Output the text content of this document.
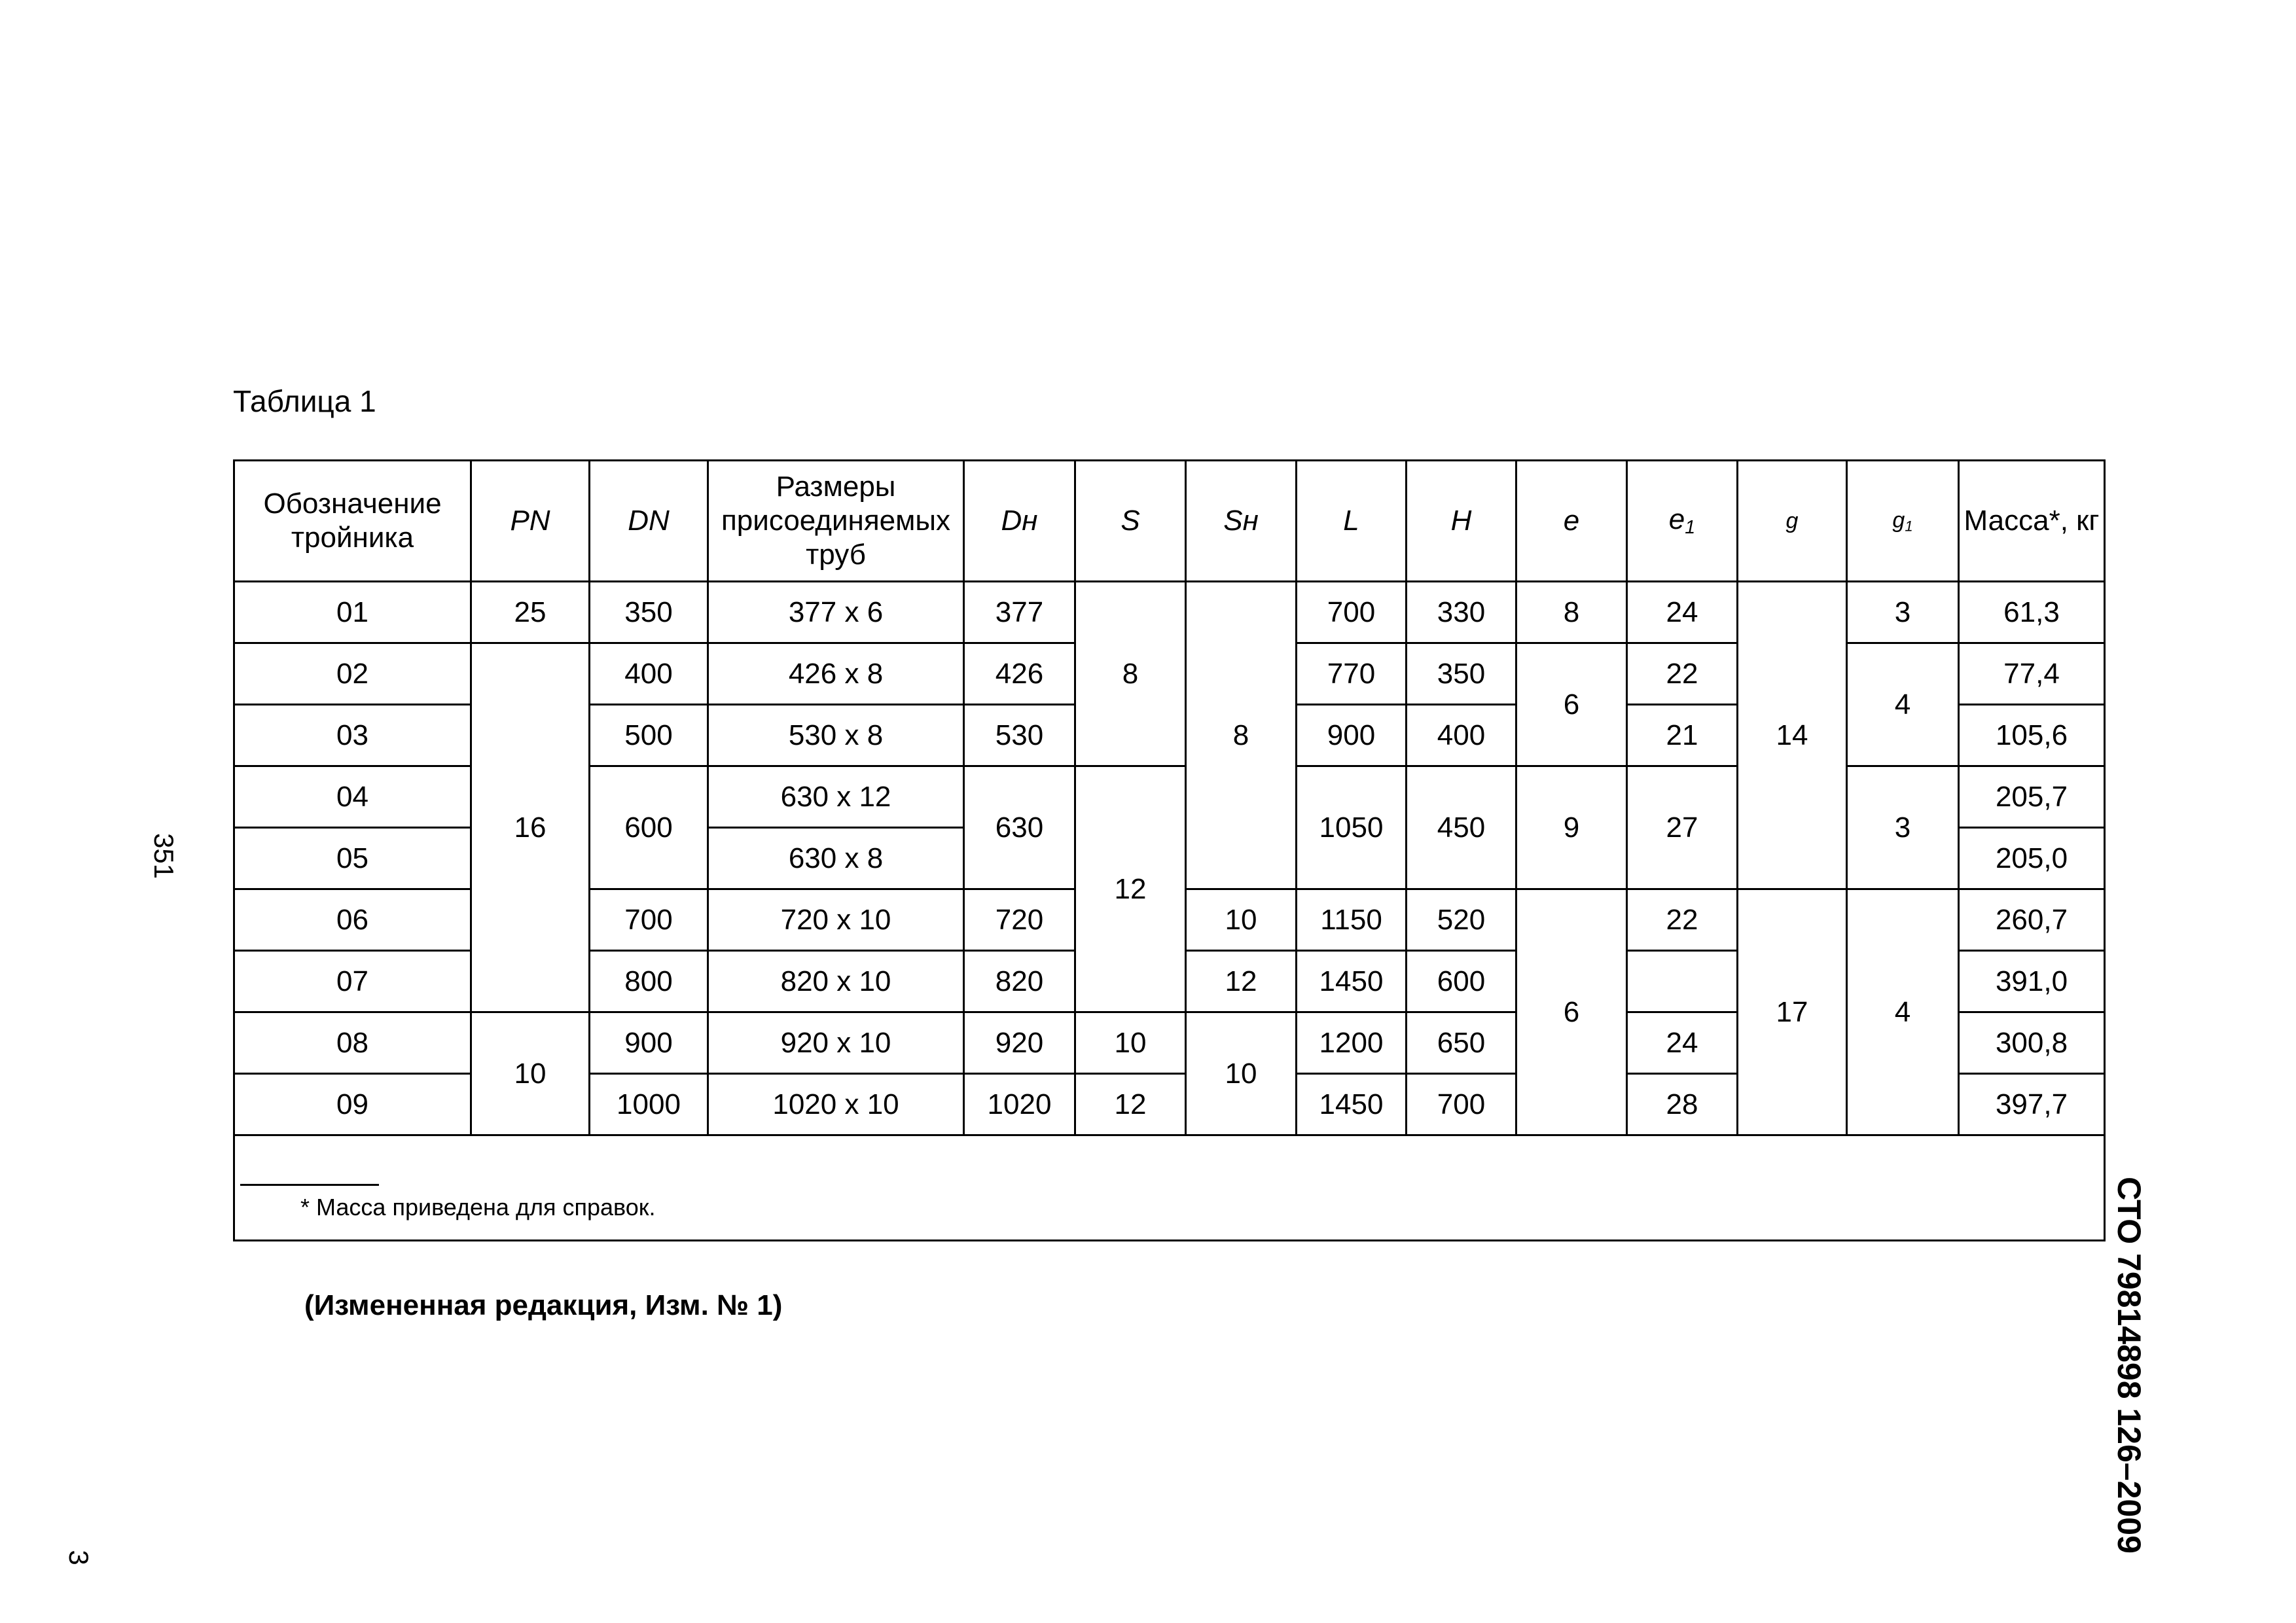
Таблица 1
Обозначение тройника	PN	DN	Размеры присоединяемых труб	Dн	S	Sн	L	H	e	$e_1$	g	$g_1$	Масса*, кг
01	25	350	377 x 6	377	8	8	700	330	8	24	14	3	61,3
02	16	400	426 x 8	426			770	350	6	22		4	77,4
03		500	530 x 8	530			900	400		21			105,6
04		600	630 x 12	630	12		1050	450	9	27		3	205,7
05			630 x 8										205,0
06		700	720 x 10	720		10	1150	520	6	22	17	4	260,7
07		800	820 x 10	820		12	1450	600					391,0
08	10	900	920 x 10	920	10	10	1200	650		24			300,8
09		1000	1020 x 10	1020	12		1450	700		28			397,7

* Масса приведена для справок.													
(Измененная редакция, Изм. № 1)	СТО 79814898 126–2009
351
3
